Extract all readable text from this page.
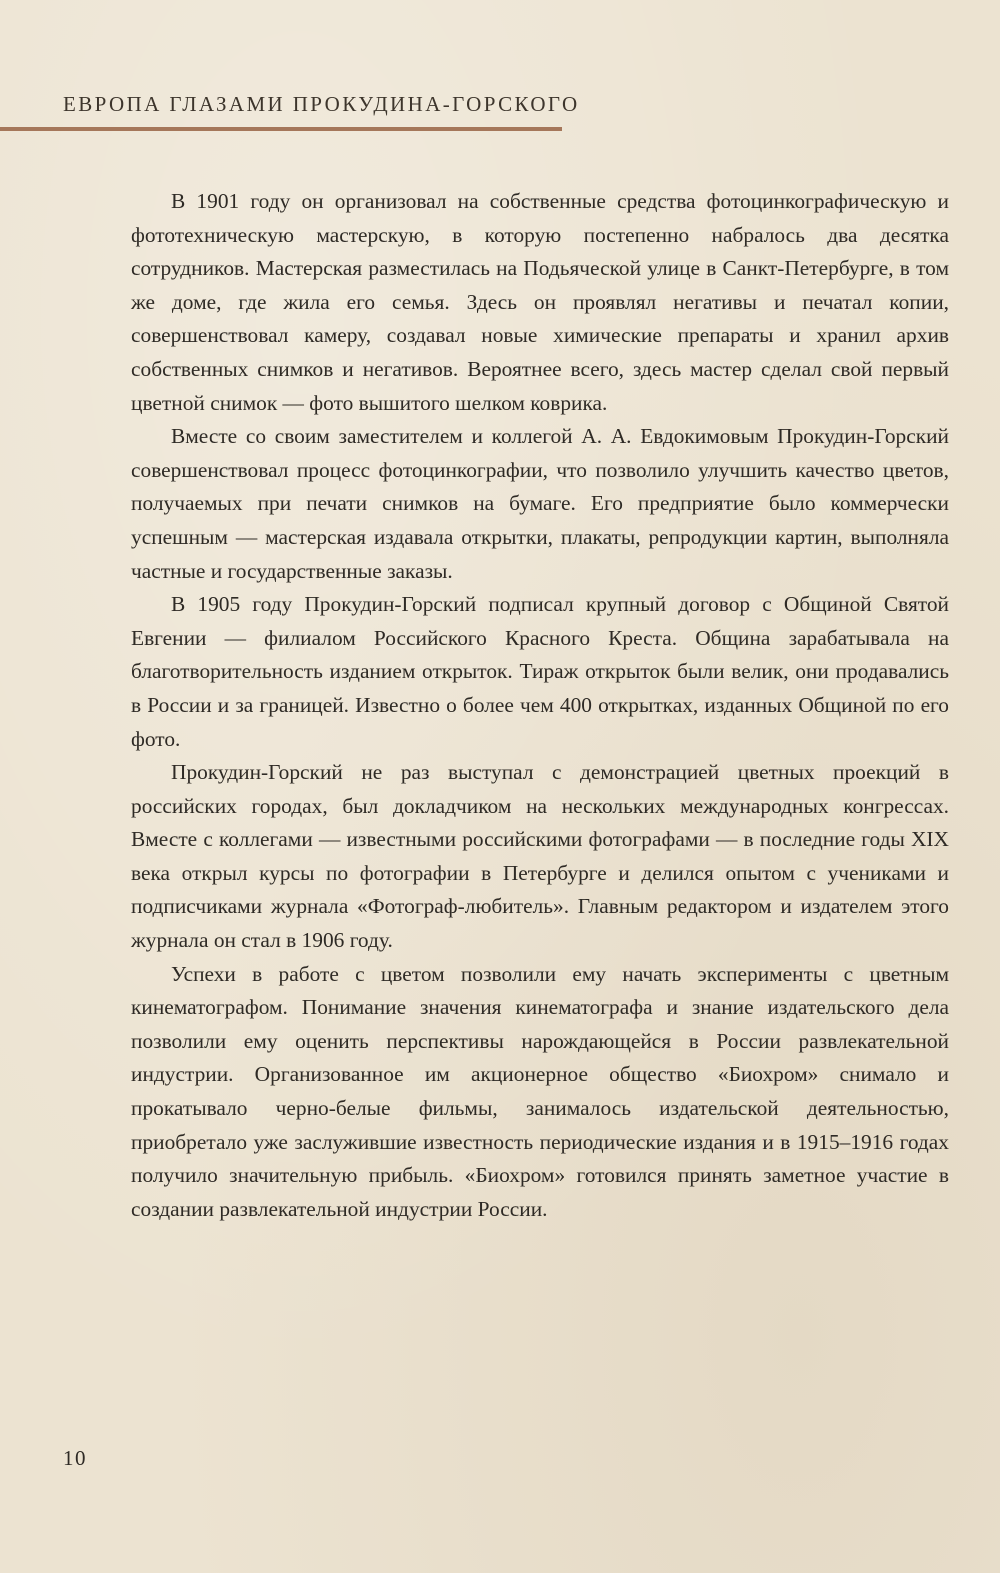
ЕВРОПА ГЛАЗАМИ ПРОКУДИНА-ГОРСКОГО

В 1901 году он организовал на собственные средства фотоцинкографическую и фототехническую мастерскую, в которую постепенно набралось два десятка сотрудников. Мастерская разместилась на Подьяческой улице в Санкт-Петербурге, в том же доме, где жила его семья. Здесь он проявлял негативы и печатал копии, совершенствовал камеру, создавал новые химические препараты и хранил архив собственных снимков и негативов. Вероятнее всего, здесь мастер сделал свой первый цветной снимок — фото вышитого шелком коврика.

Вместе со своим заместителем и коллегой А. А. Евдокимовым Прокудин-Горский совершенствовал процесс фотоцинкографии, что позволило улучшить качество цветов, получаемых при печати снимков на бумаге. Его предприятие было коммерчески успешным — мастерская издавала открытки, плакаты, репродукции картин, выполняла частные и государственные заказы.

В 1905 году Прокудин-Горский подписал крупный договор с Общиной Святой Евгении — филиалом Российского Красного Креста. Община зарабатывала на благотворительность изданием открыток. Тираж открыток были велик, они продавались в России и за границей. Известно о более чем 400 открытках, изданных Общиной по его фото.

Прокудин-Горский не раз выступал с демонстрацией цветных проекций в российских городах, был докладчиком на нескольких международных конгрессах. Вместе с коллегами — известными российскими фотографами — в последние годы XIX века открыл курсы по фотографии в Петербурге и делился опытом с учениками и подписчиками журнала «Фотограф-любитель». Главным редактором и издателем этого журнала он стал в 1906 году.

Успехи в работе с цветом позволили ему начать эксперименты с цветным кинематографом. Понимание значения кинематографа и знание издательского дела позволили ему оценить перспективы нарождающейся в России развлекательной индустрии. Организованное им акционерное общество «Биохром» снимало и прокатывало черно-белые фильмы, занималось издательской деятельностью, приобретало уже заслужившие известность периодические издания и в 1915–1916 годах получило значительную прибыль. «Биохром» готовился принять заметное участие в создании развлекательной индустрии России.

10
